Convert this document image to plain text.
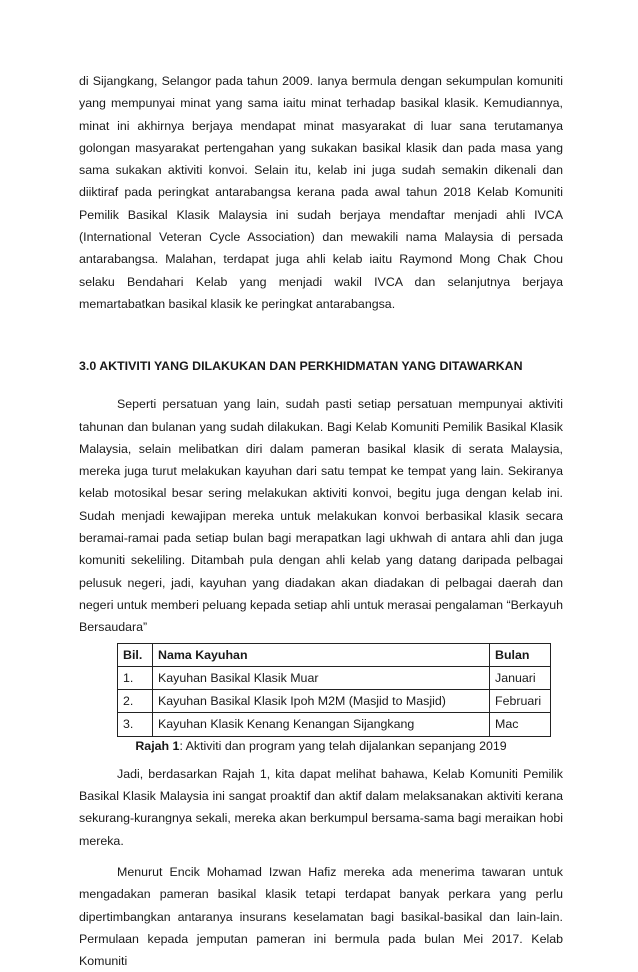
di Sijangkang, Selangor pada tahun 2009. Ianya bermula dengan sekumpulan komuniti yang mempunyai minat yang sama iaitu minat terhadap basikal klasik. Kemudiannya, minat ini akhirnya berjaya mendapat minat masyarakat di luar sana terutamanya golongan masyarakat pertengahan yang sukakan basikal klasik dan pada masa yang sama sukakan aktiviti konvoi. Selain itu, kelab ini juga sudah semakin dikenali dan diiktiraf pada peringkat antarabangsa kerana pada awal tahun 2018 Kelab Komuniti Pemilik Basikal Klasik Malaysia ini sudah berjaya mendaftar menjadi ahli IVCA (International Veteran Cycle Association) dan mewakili nama Malaysia di persada antarabangsa. Malahan, terdapat juga ahli kelab iaitu Raymond Mong Chak Chou selaku Bendahari Kelab yang menjadi wakil IVCA dan selanjutnya berjaya memartabatkan basikal klasik ke peringkat antarabangsa.

3.0 AKTIVITI YANG DILAKUKAN DAN PERKHIDMATAN YANG DITAWARKAN

Seperti persatuan yang lain, sudah pasti setiap persatuan mempunyai aktiviti tahunan dan bulanan yang sudah dilakukan. Bagi Kelab Komuniti Pemilik Basikal Klasik Malaysia, selain melibatkan diri dalam pameran basikal klasik di serata Malaysia, mereka juga turut melakukan kayuhan dari satu tempat ke tempat yang lain. Sekiranya kelab motosikal besar sering melakukan aktiviti konvoi, begitu juga dengan kelab ini. Sudah menjadi kewajipan mereka untuk melakukan konvoi berbasikal klasik secara beramai-ramai pada setiap bulan bagi merapatkan lagi ukhwah di antara ahli dan juga komuniti sekeliling. Ditambah pula dengan ahli kelab yang datang daripada pelbagai pelusuk negeri, jadi, kayuhan yang diadakan akan diadakan di pelbagai daerah dan negeri untuk memberi peluang kepada setiap ahli untuk merasai pengalaman “Berkayuh Bersaudara”

Bil.	Nama Kayuhan	Bulan
1.	Kayuhan Basikal Klasik Muar	Januari
2.	Kayuhan Basikal Klasik Ipoh M2M (Masjid to Masjid)	Februari
3.	Kayuhan Klasik Kenang Kenangan Sijangkang	Mac

Rajah 1: Aktiviti dan program yang telah dijalankan sepanjang 2019

Jadi, berdasarkan Rajah 1, kita dapat melihat bahawa, Kelab Komuniti Pemilik Basikal Klasik Malaysia ini sangat proaktif dan aktif dalam melaksanakan aktiviti kerana sekurang-kurangnya sekali, mereka akan berkumpul bersama-sama bagi meraikan hobi mereka.

Menurut Encik Mohamad Izwan Hafiz mereka ada menerima tawaran untuk mengadakan pameran basikal klasik tetapi terdapat banyak perkara yang perlu dipertimbangkan antaranya insurans keselamatan bagi basikal-basikal dan lain-lain. Permulaan kepada jemputan pameran ini bermula pada bulan Mei 2017. Kelab Komuniti
